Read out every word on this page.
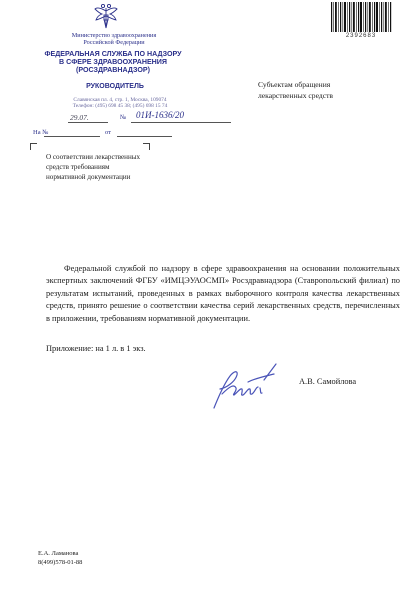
Министерство здравоохранения
Российской Федерации
ФЕДЕРАЛЬНАЯ СЛУЖБА ПО НАДЗОРУ
В СФЕРЕ ЗДРАВООХРАНЕНИЯ
(РОСЗДРАВНАДЗОР)
РУКОВОДИТЕЛЬ
Славянская пл. 4, стр. 1, Москва, 109074
Телефон: (495) 698 45 38; (495) 698 15 74
2392683
Субъектам обращения
лекарственных средств
29.07.	№ 01И-1636/20
На №	от
О соответствии лекарственных
средств требованиям
нормативной документации
Федеральной службой по надзору в сфере здравоохранения на основании положительных экспертных заключений ФГБУ «ИМЦЭУАОСМП» Росздравнадзора (Ставропольский филиал) по результатам испытаний, проведенных в рамках выборочного контроля качества лекарственных средств, принято решение о соответствии качества серий лекарственных средств, перечисленных в приложении, требованиям нормативной документации.
Приложение: на 1 л. в 1 экз.
А.В. Самойлова
Е.А. Ламанова
8(499)578-01-88
